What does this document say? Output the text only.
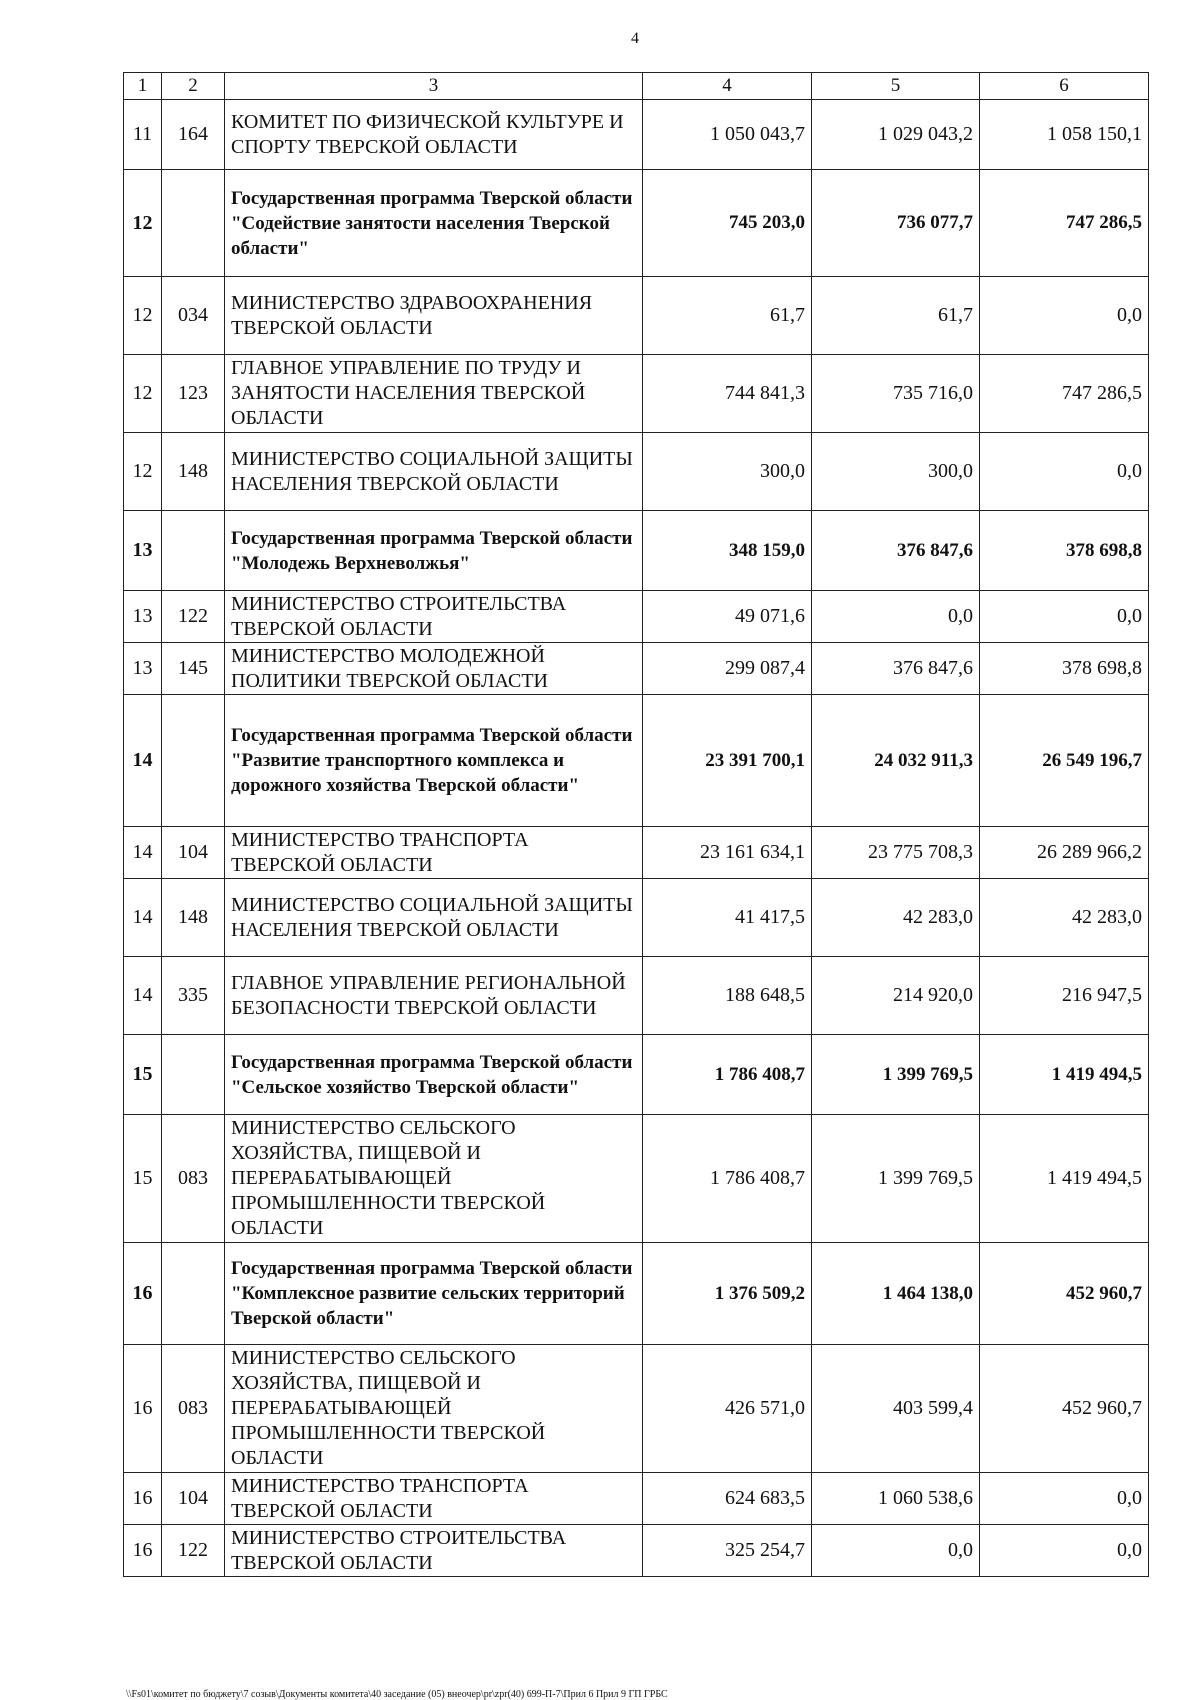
4
1	2	3	4	5	6
11	164	КОМИТЕТ ПО ФИЗИЧЕСКОЙ КУЛЬТУРЕ И СПОРТУ ТВЕРСКОЙ ОБЛАСТИ	1 050 043,7	1 029 043,2	1 058 150,1
12		Государственная программа Тверской области "Содействие занятости населения Тверской области"	745 203,0	736 077,7	747 286,5
12	034	МИНИСТЕРСТВО ЗДРАВООХРАНЕНИЯ ТВЕРСКОЙ ОБЛАСТИ	61,7	61,7	0,0
12	123	ГЛАВНОЕ УПРАВЛЕНИЕ ПО ТРУДУ И ЗАНЯТОСТИ НАСЕЛЕНИЯ ТВЕРСКОЙ ОБЛАСТИ	744 841,3	735 716,0	747 286,5
12	148	МИНИСТЕРСТВО СОЦИАЛЬНОЙ ЗАЩИТЫ НАСЕЛЕНИЯ ТВЕРСКОЙ ОБЛАСТИ	300,0	300,0	0,0
13		Государственная программа Тверской области "Молодежь Верхневолжья"	348 159,0	376 847,6	378 698,8
13	122	МИНИСТЕРСТВО СТРОИТЕЛЬСТВА ТВЕРСКОЙ ОБЛАСТИ	49 071,6	0,0	0,0
13	145	МИНИСТЕРСТВО МОЛОДЕЖНОЙ ПОЛИТИКИ ТВЕРСКОЙ ОБЛАСТИ	299 087,4	376 847,6	378 698,8
14		Государственная программа Тверской области "Развитие транспортного комплекса и дорожного хозяйства Тверской области"	23 391 700,1	24 032 911,3	26 549 196,7
14	104	МИНИСТЕРСТВО ТРАНСПОРТА ТВЕРСКОЙ ОБЛАСТИ	23 161 634,1	23 775 708,3	26 289 966,2
14	148	МИНИСТЕРСТВО СОЦИАЛЬНОЙ ЗАЩИТЫ НАСЕЛЕНИЯ ТВЕРСКОЙ ОБЛАСТИ	41 417,5	42 283,0	42 283,0
14	335	ГЛАВНОЕ УПРАВЛЕНИЕ РЕГИОНАЛЬНОЙ БЕЗОПАСНОСТИ ТВЕРСКОЙ ОБЛАСТИ	188 648,5	214 920,0	216 947,5
15		Государственная программа Тверской области "Сельское хозяйство Тверской области"	1 786 408,7	1 399 769,5	1 419 494,5
15	083	МИНИСТЕРСТВО СЕЛЬСКОГО ХОЗЯЙСТВА, ПИЩЕВОЙ И ПЕРЕРАБАТЫВАЮЩЕЙ ПРОМЫШЛЕННОСТИ ТВЕРСКОЙ ОБЛАСТИ	1 786 408,7	1 399 769,5	1 419 494,5
16		Государственная программа Тверской области "Комплексное развитие сельских территорий Тверской области"	1 376 509,2	1 464 138,0	452 960,7
16	083	МИНИСТЕРСТВО СЕЛЬСКОГО ХОЗЯЙСТВА, ПИЩЕВОЙ И ПЕРЕРАБАТЫВАЮЩЕЙ ПРОМЫШЛЕННОСТИ ТВЕРСКОЙ ОБЛАСТИ	426 571,0	403 599,4	452 960,7
16	104	МИНИСТЕРСТВО ТРАНСПОРТА ТВЕРСКОЙ ОБЛАСТИ	624 683,5	1 060 538,6	0,0
16	122	МИНИСТЕРСТВО СТРОИТЕЛЬСТВА ТВЕРСКОЙ ОБЛАСТИ	325 254,7	0,0	0,0
\\Fs01\комитет по бюджету\7 созыв\Документы комитета\40 заседание (05) внеочер\pr\zpr(40) 699-П-7\Прил 6 Прил 9 ГП ГРБС
